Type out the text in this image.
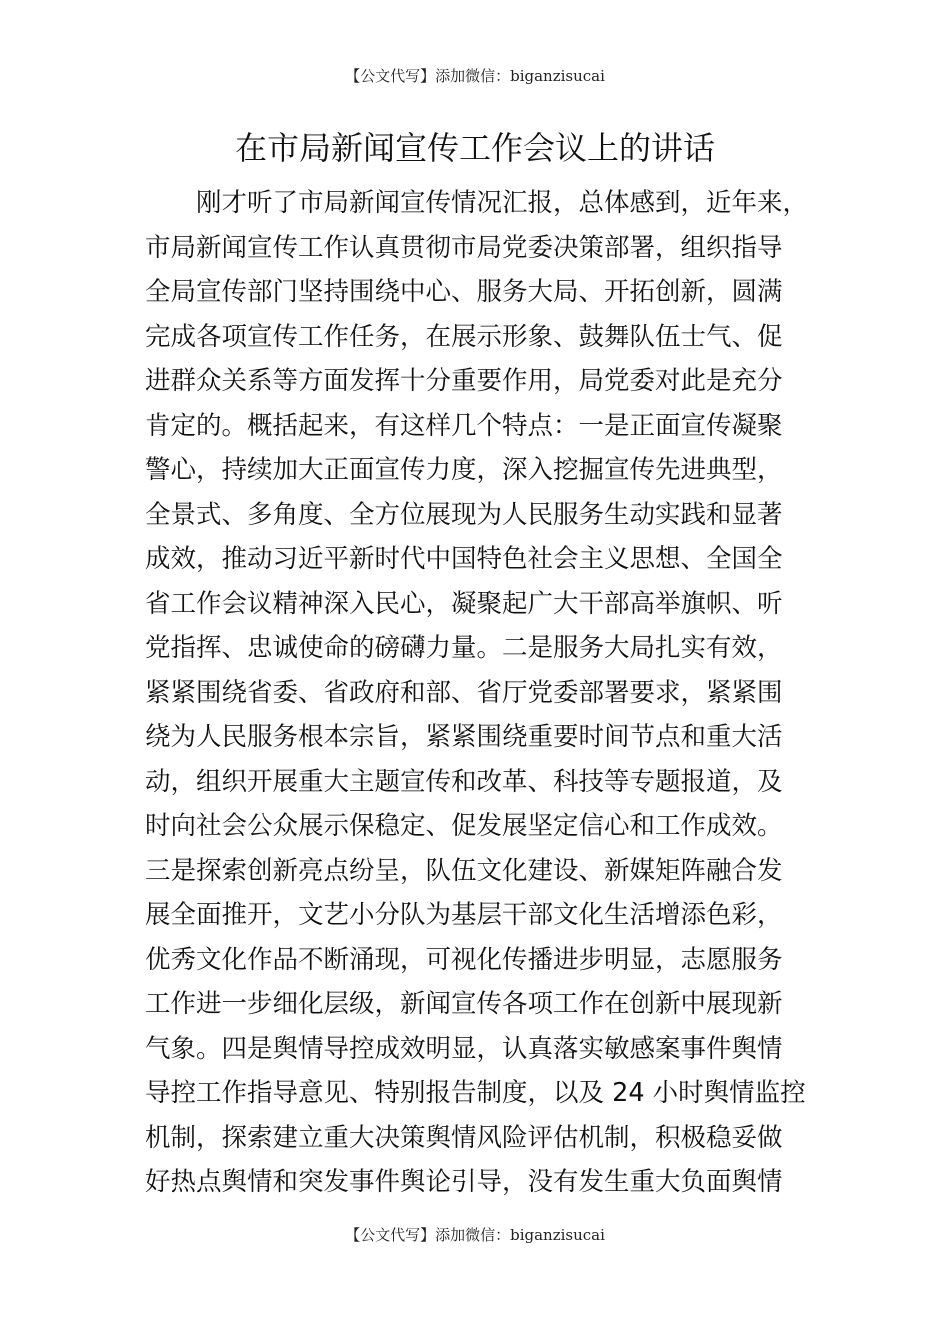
【公文代写】添加微信：biganzisucai
在市局新闻宣传工作会议上的讲话
刚才听了市局新闻宣传情况汇报，总体感到，近年来，
市局新闻宣传工作认真贯彻市局党委决策部署，组织指导
全局宣传部门坚持围绕中心、服务大局、开拓创新，圆满
完成各项宣传工作任务，在展示形象、鼓舞队伍士气、促
进群众关系等方面发挥十分重要作用，局党委对此是充分
肯定的。概括起来，有这样几个特点：一是正面宣传凝聚
警心，持续加大正面宣传力度，深入挖掘宣传先进典型，
全景式、多角度、全方位展现为人民服务生动实践和显著
成效，推动习近平新时代中国特色社会主义思想、全国全
省工作会议精神深入民心，凝聚起广大干部高举旗帜、听
党指挥、忠诚使命的磅礴力量。二是服务大局扎实有效，
紧紧围绕省委、省政府和部、省厅党委部署要求，紧紧围
绕为人民服务根本宗旨，紧紧围绕重要时间节点和重大活
动，组织开展重大主题宣传和改革、科技等专题报道，及
时向社会公众展示保稳定、促发展坚定信心和工作成效。
三是探索创新亮点纷呈，队伍文化建设、新媒矩阵融合发
展全面推开，文艺小分队为基层干部文化生活增添色彩，
优秀文化作品不断涌现，可视化传播进步明显，志愿服务
工作进一步细化层级，新闻宣传各项工作在创新中展现新
气象。四是舆情导控成效明显，认真落实敏感案事件舆情
导控工作指导意见、特别报告制度，以及 24 小时舆情监控
机制，探索建立重大决策舆情风险评估机制，积极稳妥做
好热点舆情和突发事件舆论引导，没有发生重大负面舆情
【公文代写】添加微信：biganzisucai
